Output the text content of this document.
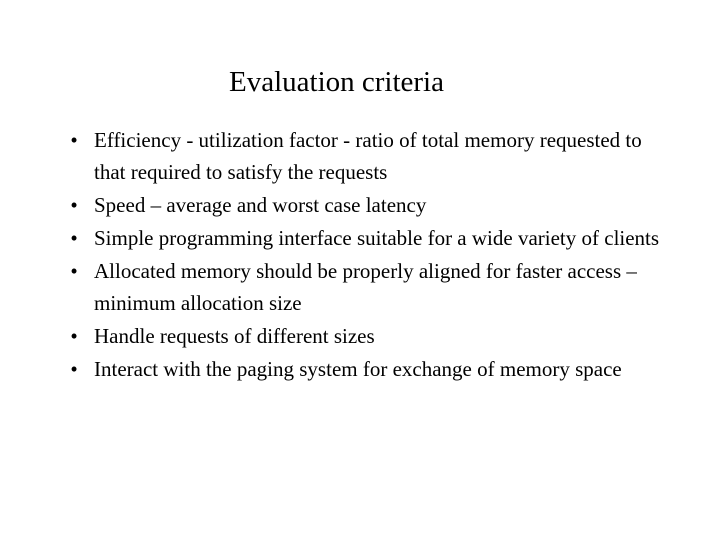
Evaluation criteria
• Efficiency - utilization factor - ratio of total memory requested to that required to satisfy the requests
• Speed – average and worst case latency
• Simple programming interface suitable for a wide variety of clients
• Allocated memory should be properly aligned for faster access – minimum allocation size
• Handle requests of different sizes
• Interact with the paging system for exchange of memory space
